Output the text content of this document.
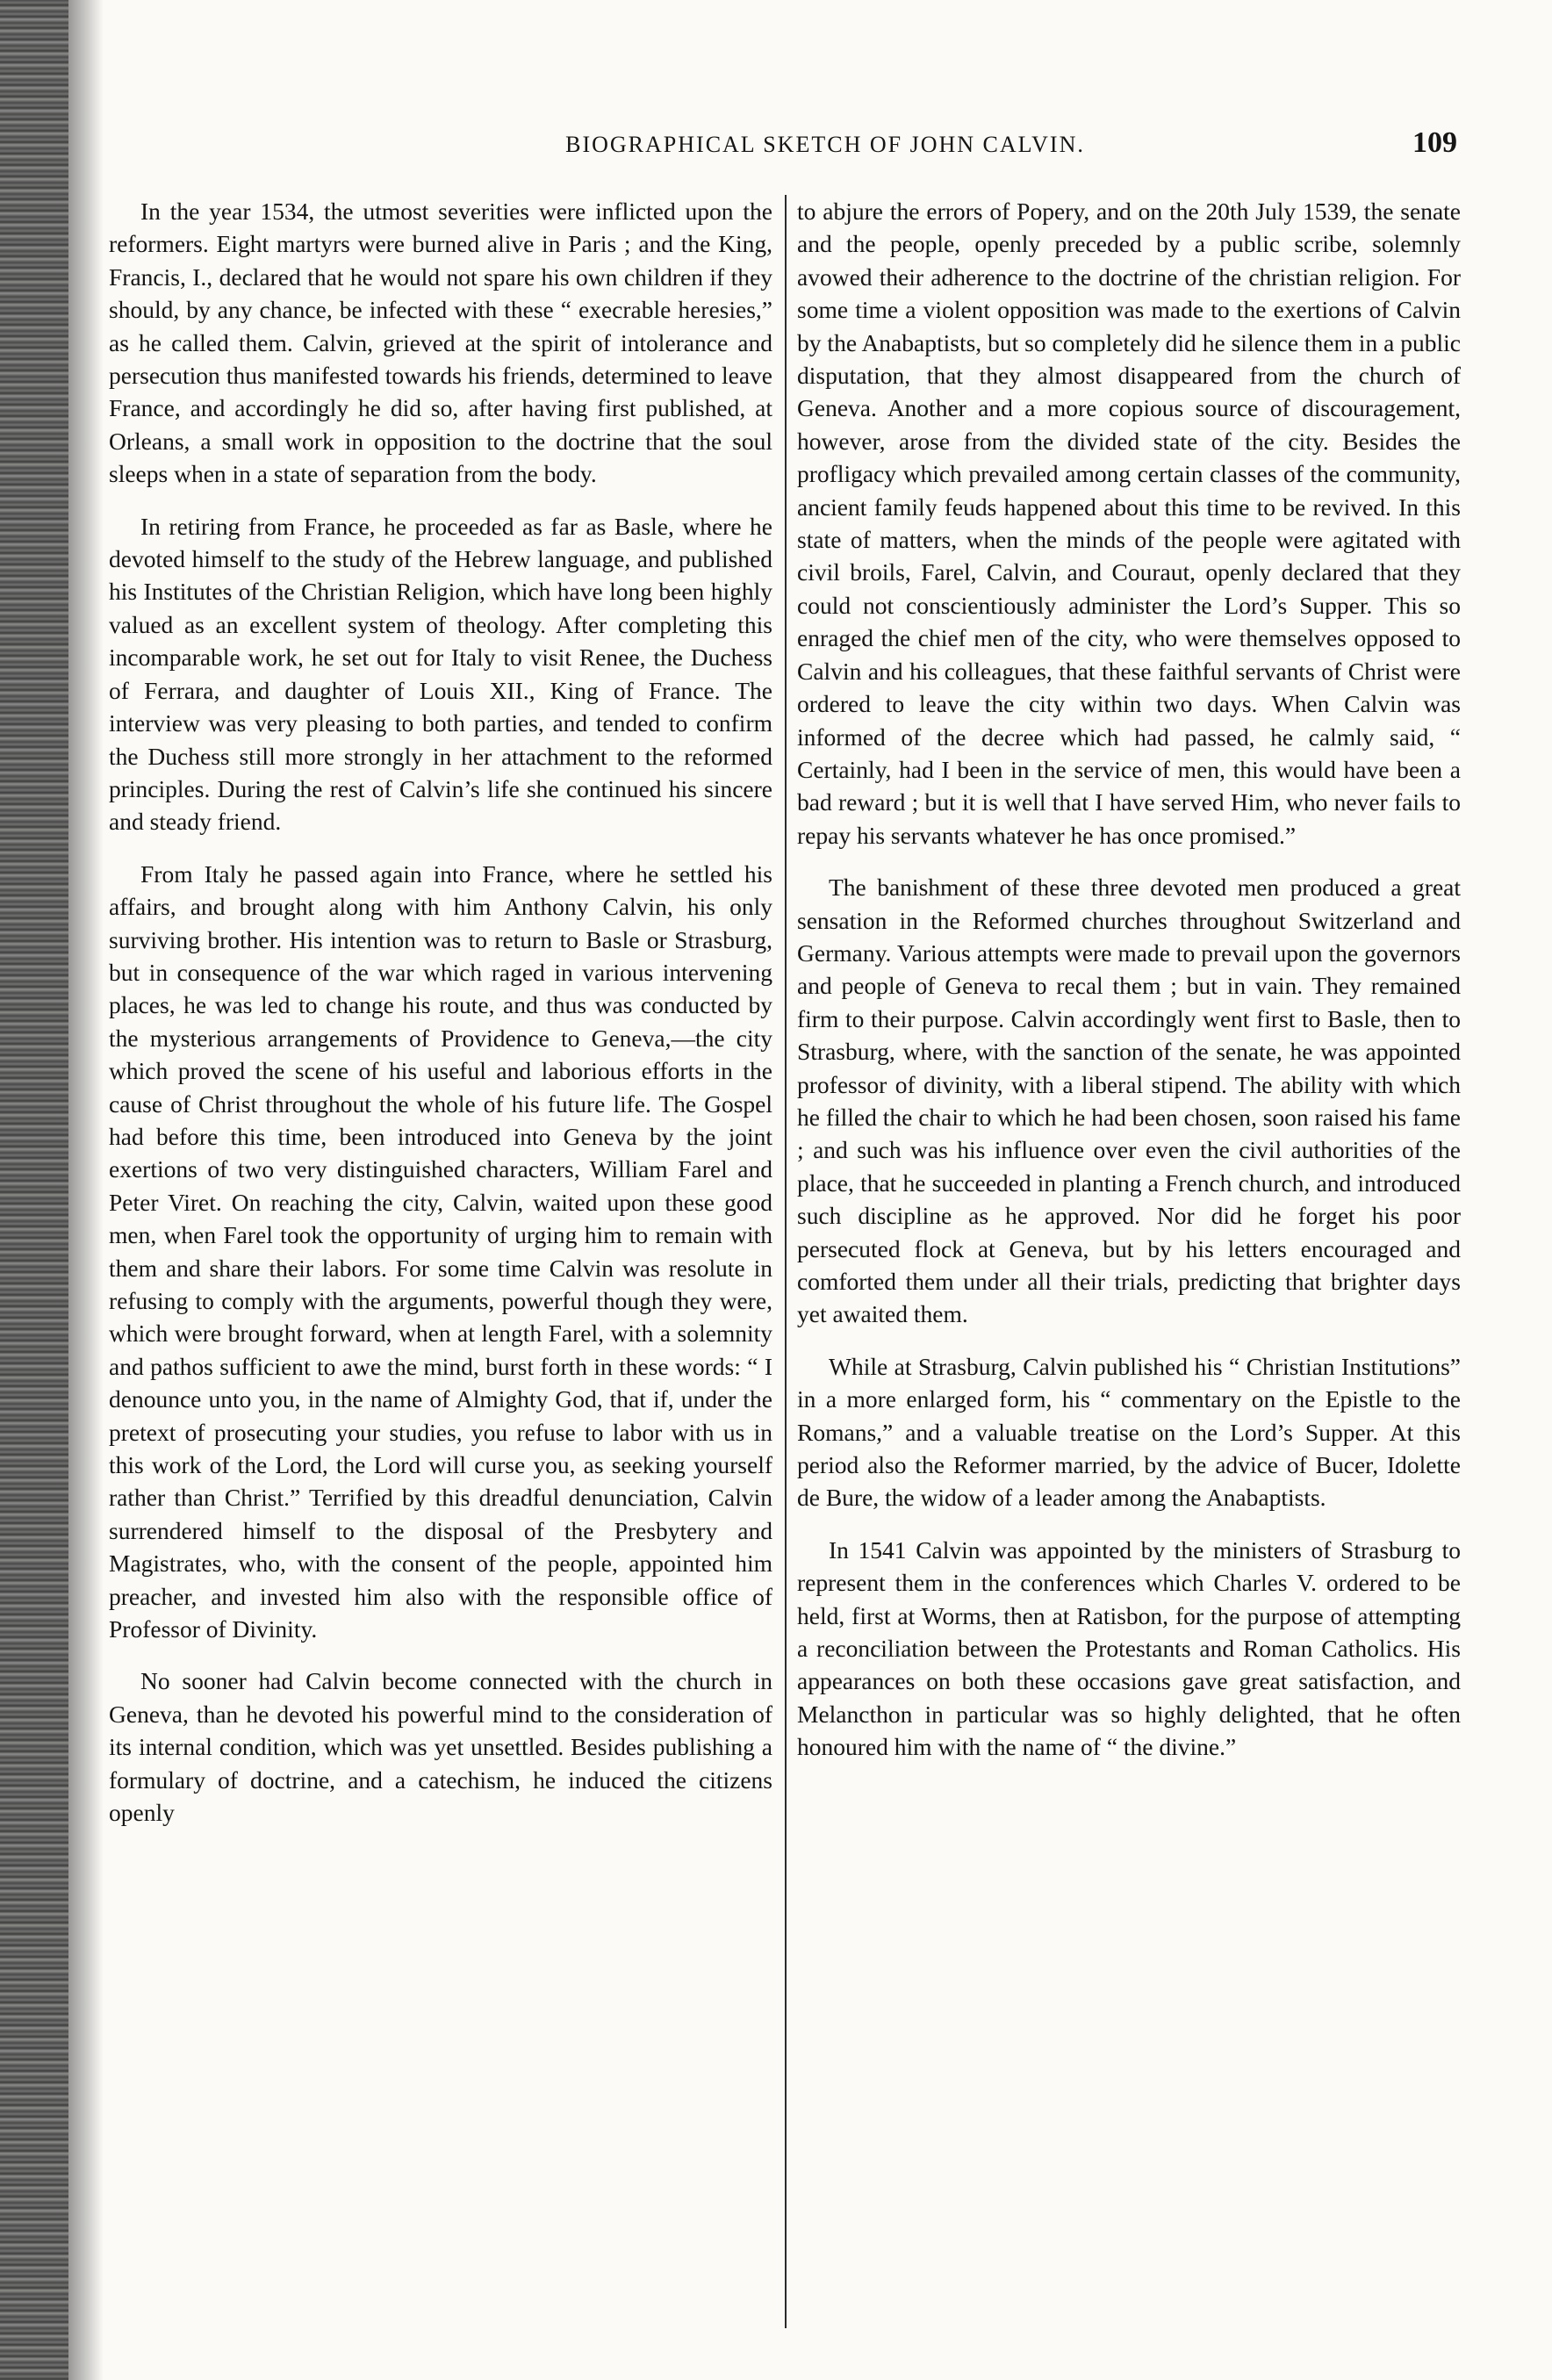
BIOGRAPHICAL SKETCH OF JOHN CALVIN.	109

In the year 1534, the utmost severities were inflicted upon the reformers. Eight martyrs were burned alive in Paris ; and the King, Francis, I., declared that he would not spare his own children if they should, by any chance, be infected with these “ execrable heresies,” as he called them. Calvin, grieved at the spirit of intolerance and persecution thus manifested towards his friends, determined to leave France, and accordingly he did so, after having first published, at Orleans, a small work in opposition to the doctrine that the soul sleeps when in a state of separation from the body.

In retiring from France, he proceeded as far as Basle, where he devoted himself to the study of the Hebrew language, and published his Institutes of the Christian Religion, which have long been highly valued as an excellent system of theology. After completing this incomparable work, he set out for Italy to visit Renee, the Duchess of Ferrara, and daughter of Louis XII., King of France. The interview was very pleasing to both parties, and tended to confirm the Duchess still more strongly in her attachment to the reformed principles. During the rest of Calvin’s life she continued his sincere and steady friend.

From Italy he passed again into France, where he settled his affairs, and brought along with him Anthony Calvin, his only surviving brother. His intention was to return to Basle or Strasburg, but in consequence of the war which raged in various intervening places, he was led to change his route, and thus was conducted by the mysterious arrangements of Providence to Geneva,—the city which proved the scene of his useful and laborious efforts in the cause of Christ throughout the whole of his future life. The Gospel had before this time, been introduced into Geneva by the joint exertions of two very distinguished characters, William Farel and Peter Viret. On reaching the city, Calvin, waited upon these good men, when Farel took the opportunity of urging him to remain with them and share their labors. For some time Calvin was resolute in refusing to comply with the arguments, powerful though they were, which were brought forward, when at length Farel, with a solemnity and pathos sufficient to awe the mind, burst forth in these words: “ I denounce unto you, in the name of Almighty God, that if, under the pretext of prosecuting your studies, you refuse to labor with us in this work of the Lord, the Lord will curse you, as seeking yourself rather than Christ.” Terrified by this dreadful denunciation, Calvin surrendered himself to the disposal of the Presbytery and Magistrates, who, with the consent of the people, appointed him preacher, and invested him also with the responsible office of Professor of Divinity.

No sooner had Calvin become connected with the church in Geneva, than he devoted his powerful mind to the consideration of its internal condition, which was yet unsettled. Besides publishing a formulary of doctrine, and a catechism, he induced the citizens openly

to abjure the errors of Popery, and on the 20th July 1539, the senate and the people, openly preceded by a public scribe, solemnly avowed their adherence to the doctrine of the christian religion. For some time a violent opposition was made to the exertions of Calvin by the Anabaptists, but so completely did he silence them in a public disputation, that they almost disappeared from the church of Geneva. Another and a more copious source of discouragement, however, arose from the divided state of the city. Besides the profligacy which prevailed among certain classes of the community, ancient family feuds happened about this time to be revived. In this state of matters, when the minds of the people were agitated with civil broils, Farel, Calvin, and Couraut, openly declared that they could not conscientiously administer the Lord’s Supper. This so enraged the chief men of the city, who were themselves opposed to Calvin and his colleagues, that these faithful servants of Christ were ordered to leave the city within two days. When Calvin was informed of the decree which had passed, he calmly said, “ Certainly, had I been in the service of men, this would have been a bad reward ; but it is well that I have served Him, who never fails to repay his servants whatever he has once promised.”

The banishment of these three devoted men produced a great sensation in the Reformed churches throughout Switzerland and Germany. Various attempts were made to prevail upon the governors and people of Geneva to recal them ; but in vain. They remained firm to their purpose. Calvin accordingly went first to Basle, then to Strasburg, where, with the sanction of the senate, he was appointed professor of divinity, with a liberal stipend. The ability with which he filled the chair to which he had been chosen, soon raised his fame ; and such was his influence over even the civil authorities of the place, that he succeeded in planting a French church, and introduced such discipline as he approved. Nor did he forget his poor persecuted flock at Geneva, but by his letters encouraged and comforted them under all their trials, predicting that brighter days yet awaited them.

While at Strasburg, Calvin published his “ Christian Institutions” in a more enlarged form, his “ commentary on the Epistle to the Romans,” and a valuable treatise on the Lord’s Supper. At this period also the Reformer married, by the advice of Bucer, Idolette de Bure, the widow of a leader among the Anabaptists.

In 1541 Calvin was appointed by the ministers of Strasburg to represent them in the conferences which Charles V. ordered to be held, first at Worms, then at Ratisbon, for the purpose of attempting a reconciliation between the Protestants and Roman Catholics. His appearances on both these occasions gave great satisfaction, and Melancthon in particular was so highly delighted, that he often honoured him with the name of “ the divine.”
